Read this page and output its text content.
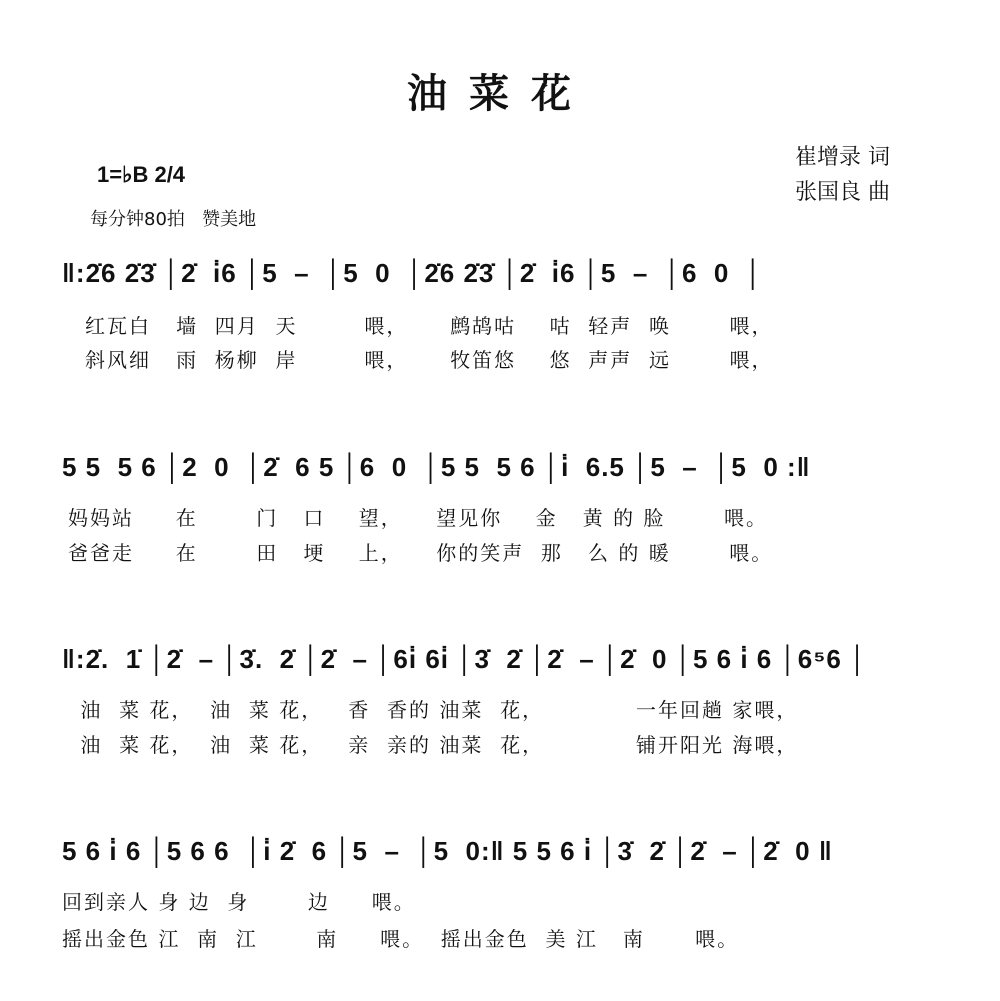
油菜花
崔增录 词
张国良 曲
1=♭B 2/4
每分钟80拍   赞美地
‖:2̇6 2̇3̇ │2̇  i̇6 │5  –  │5  0  │2̇6 2̇3̇ │2̇  i̇6 │5  –  │6  0  │
红瓦白   墙  四月  天        喂，     鹧鸪咕    咕  轻声  唤       喂，
斜风细   雨  杨柳  岸        喂，     牧笛悠    悠  声声  远       喂，
5 5  5 6 │2  0  │2̇  6 5 │6  0  │5 5  5 6 │i̇  6.5 │5  –  │5  0 :‖
妈妈站     在       门   口    望，    望见你    金   黄 的 脸       喂。
爸爸走     在       田   埂    上，    你的笑声  那   么 的 暖       喂。
‖:2̇.  1̇ │2̇  – │3̇.  2̇ │2̇  – │6i̇ 6i̇ │3̇  2̇ │2̇  – │2̇  0 │5 6 i̇ 6 │6⁵6 │
油  菜 花，  油  菜 花，   香  香的 油菜  花，           一年回趟 家喂，
油  菜 花，  油  菜 花，   亲  亲的 油菜  花，           铺开阳光 海喂，
5 6 i̇ 6 │5 6 6  │i̇ 2̇  6 │5  –  │5  0:‖ 5 5 6 i̇ │3̇  2̇ │2̇  – │2̇  0 ‖
回到亲人 身 边  身       边     喂。
摇出金色 江  南  江       南     喂。  摇出金色  美 江   南      喂。
